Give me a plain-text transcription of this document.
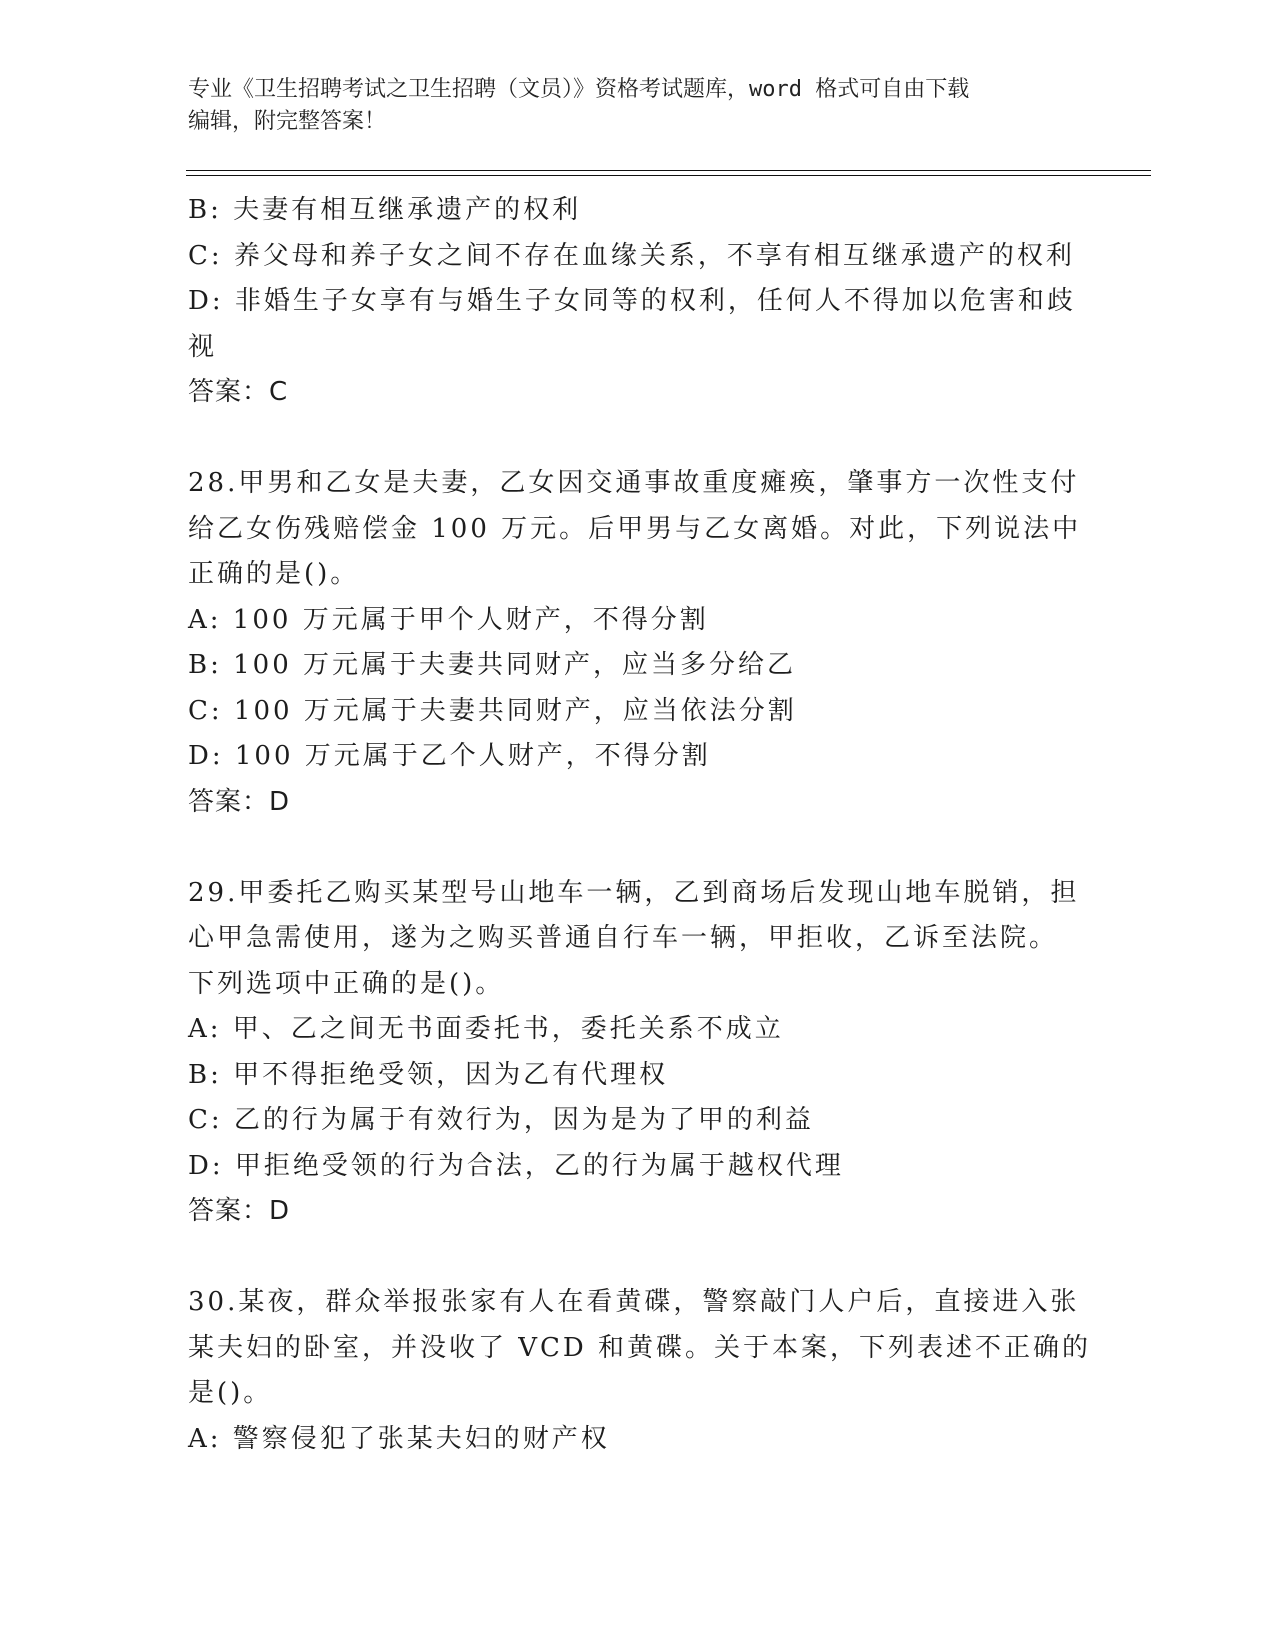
专业《卫生招聘考试之卫生招聘（文员）》资格考试题库，word 格式可自由下载
编辑，附完整答案！
B: 夫妻有相互继承遗产的权利
C: 养父母和养子女之间不存在血缘关系，不享有相互继承遗产的权利
D: 非婚生子女享有与婚生子女同等的权利，任何人不得加以危害和歧
视
答案：C
28.甲男和乙女是夫妻，乙女因交通事故重度瘫痪，肇事方一次性支付
给乙女伤残赔偿金 100 万元。后甲男与乙女离婚。对此，下列说法中
正确的是()。
A: 100 万元属于甲个人财产，不得分割
B: 100 万元属于夫妻共同财产，应当多分给乙
C: 100 万元属于夫妻共同财产，应当依法分割
D: 100 万元属于乙个人财产，不得分割
答案：D
29.甲委托乙购买某型号山地车一辆，乙到商场后发现山地车脱销，担
心甲急需使用，遂为之购买普通自行车一辆，甲拒收，乙诉至法院。
下列选项中正确的是()。
A: 甲、乙之间无书面委托书，委托关系不成立
B: 甲不得拒绝受领，因为乙有代理权
C: 乙的行为属于有效行为，因为是为了甲的利益
D: 甲拒绝受领的行为合法，乙的行为属于越权代理
答案：D
30.某夜，群众举报张家有人在看黄碟，警察敲门人户后，直接进入张
某夫妇的卧室，并没收了 VCD 和黄碟。关于本案，下列表述不正确的
是()。
A: 警察侵犯了张某夫妇的财产权
